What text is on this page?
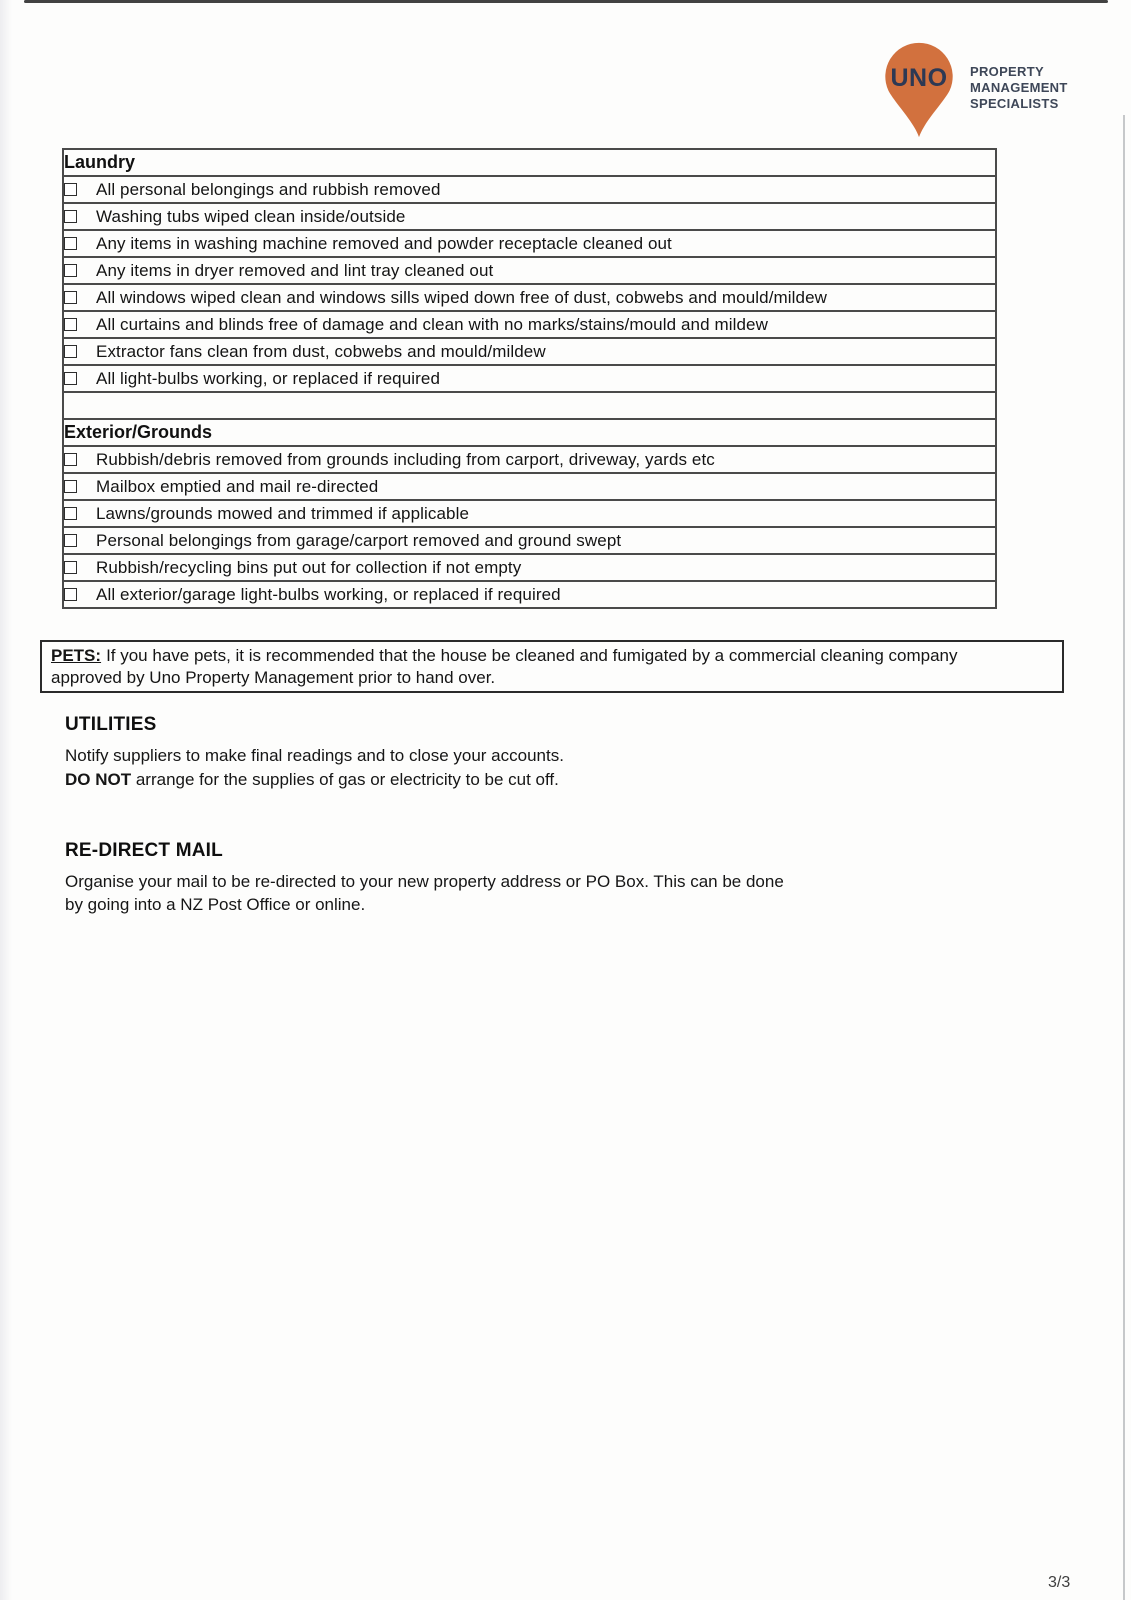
UNO	PROPERTY
MANAGEMENT
SPECIALISTS
Laundry
All personal belongings and rubbish removed
Washing tubs wiped clean inside/outside
Any items in washing machine removed and powder receptacle cleaned out
Any items in dryer removed and lint tray cleaned out
All windows wiped clean and windows sills wiped down free of dust, cobwebs and mould/mildew
All curtains and blinds free of damage and clean with no marks/stains/mould and mildew
Extractor fans clean from dust, cobwebs and mould/mildew
All light-bulbs working, or replaced if required

Exterior/Grounds
Rubbish/debris removed from grounds including from carport, driveway, yards etc
Mailbox emptied and mail re-directed
Lawns/grounds mowed and trimmed if applicable
Personal belongings from garage/carport removed and ground swept
Rubbish/recycling bins put out for collection if not empty
All exterior/garage light-bulbs working, or replaced if required
PETS: If you have pets, it is recommended that the house be cleaned and fumigated by a commercial cleaning company
approved by Uno Property Management prior to hand over.
UTILITIES

Notify suppliers to make final readings and to close your accounts.

DO NOT arrange for the supplies of gas or electricity to be cut off.

RE-DIRECT MAIL

Organise your mail to be re-directed to your new property address or PO Box. This can be done

by going into a NZ Post Office or online.

3/3
